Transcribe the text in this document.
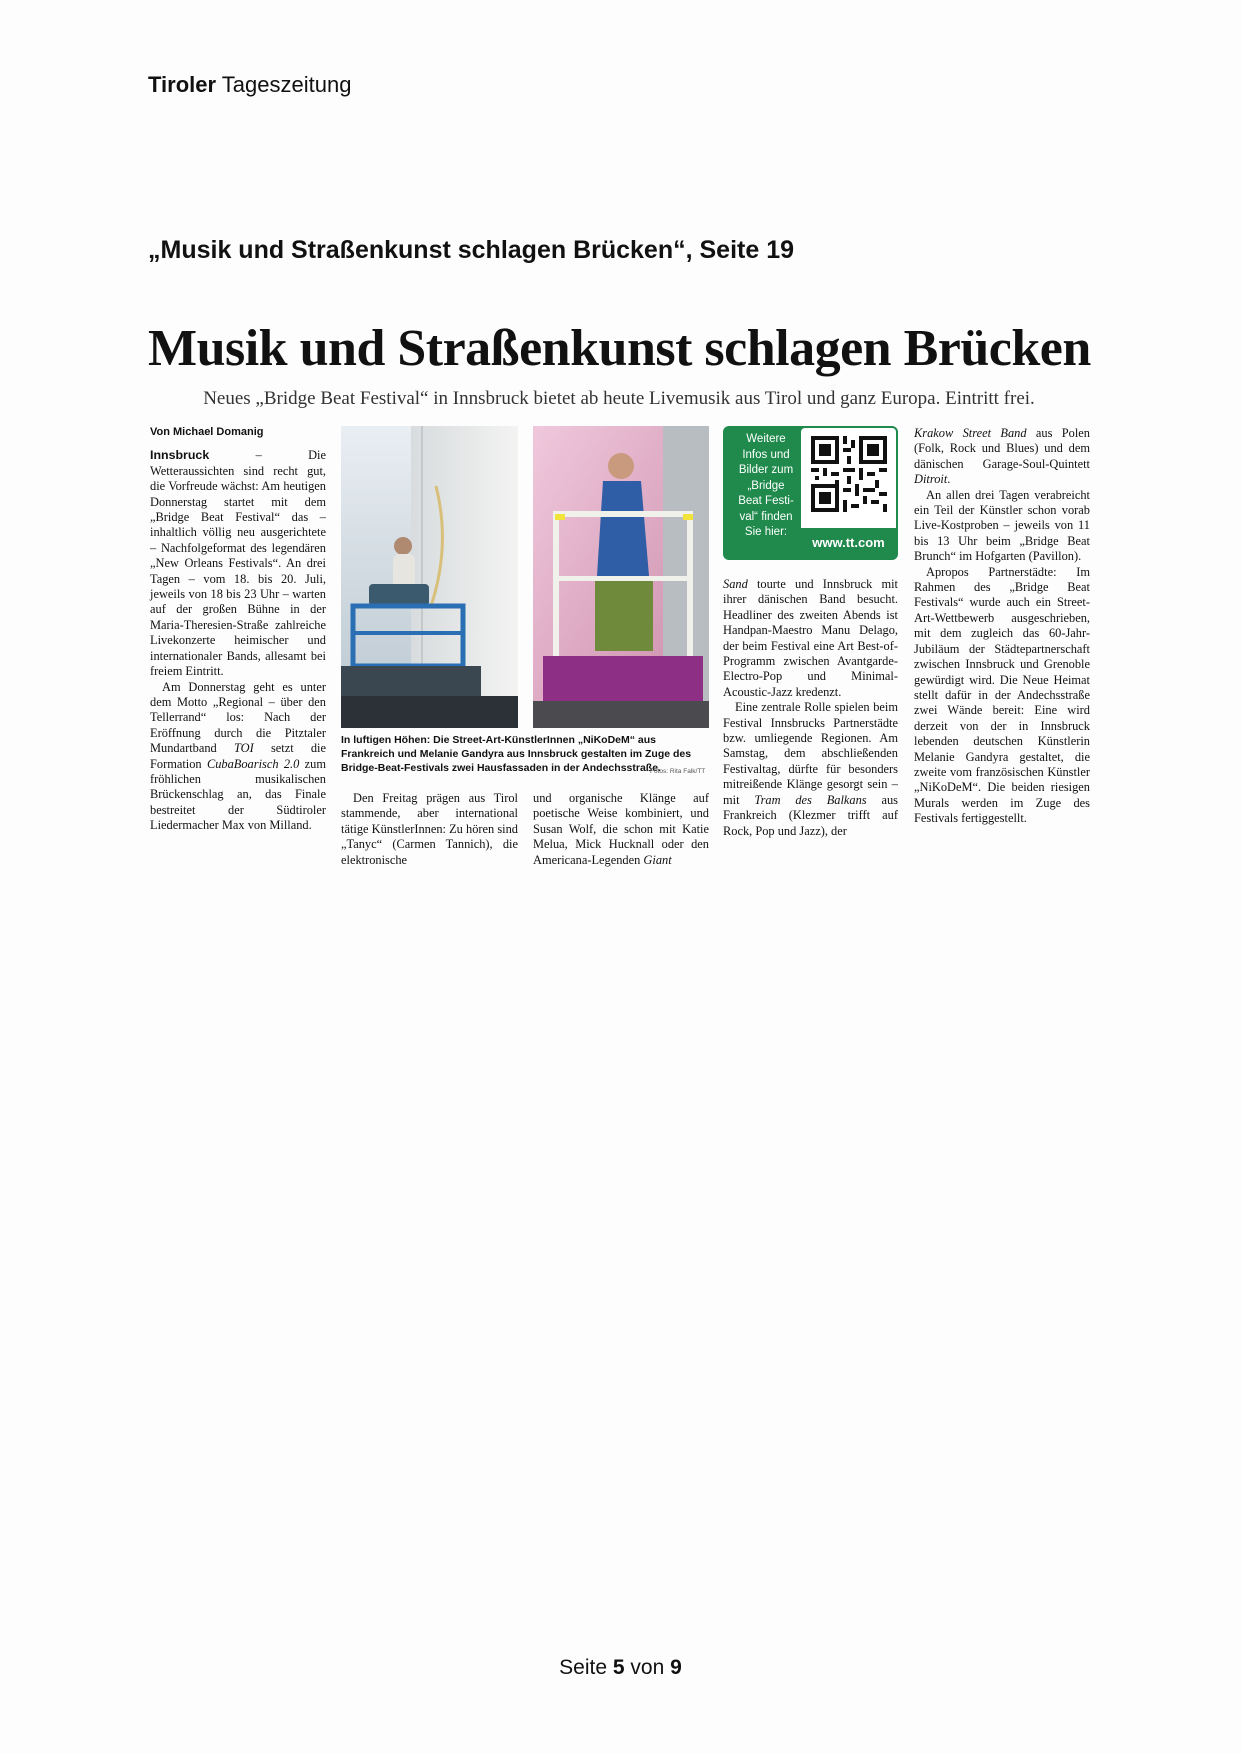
Tiroler Tageszeitung
„Musik und Straßenkunst schlagen Brücken“, Seite 19
Musik und Straßenkunst schlagen Brücken
Neues „Bridge Beat Festival“ in Innsbruck bietet ab heute Livemusik aus Tirol und ganz Europa. Eintritt frei.

Von Michael Domanig

Innsbruck – Die Wetteraussichten sind recht gut, die Vorfreude wächst: Am heutigen Donnerstag startet mit dem „Bridge Beat Festival“ das – inhaltlich völlig neu ausgerichtete – Nachfolgeformat des legendären „New Orleans Festivals“. An drei Tagen – vom 18. bis 20. Juli, jeweils von 18 bis 23 Uhr – warten auf der großen Bühne in der Maria-Theresien-Straße zahlreiche Livekonzerte heimischer und internationaler Bands, allesamt bei freiem Eintritt.

Am Donnerstag geht es unter dem Motto „Regional – über den Tellerrand“ los: Nach der Eröffnung durch die Pitztaler Mundartband TOI setzt die Formation CubaBoarisch 2.0 zum fröhlichen musikalischen Brückenschlag an, das Finale bestreitet der Südtiroler Liedermacher Max von Milland.

In luftigen Höhen: Die Street-Art-KünstlerInnen „NiKoDeM“ aus Frankreich und Melanie Gandyra aus Innsbruck gestalten im Zuge des Bridge-Beat-Festivals zwei Hausfassaden in der Andechsstraße.
Fotos: Rita Falk/TT

Den Freitag prägen aus Tirol stammende, aber international tätige KünstlerInnen: Zu hören sind „Tanyc“ (Carmen Tannich), die elektronische

und organische Klänge auf poetische Weise kombiniert, und Susan Wolf, die schon mit Katie Melua, Mick Hucknall oder den Americana-Legenden Giant

Weitere
Infos und
Bilder zum
„Bridge
Beat Festi-
val“ finden
Sie hier:
www.tt.com

Sand tourte und Innsbruck mit ihrer dänischen Band besucht. Headliner des zweiten Abends ist Handpan-Maestro Manu Delago, der beim Festival eine Art Best-of-Programm zwischen Avantgarde-Electro-Pop und Minimal-Acoustic-Jazz kredenzt.

Eine zentrale Rolle spielen beim Festival Innsbrucks Partnerstädte bzw. umliegende Regionen. Am Samstag, dem abschließenden Festivaltag, dürfte für besonders mitreißende Klänge gesorgt sein – mit Tram des Balkans aus Frankreich (Klezmer trifft auf Rock, Pop und Jazz), der

Krakow Street Band aus Polen (Folk, Rock und Blues) und dem dänischen Garage-Soul-Quintett Ditroit.

An allen drei Tagen verabreicht ein Teil der Künstler schon vorab Live-Kostproben – jeweils von 11 bis 13 Uhr beim „Bridge Beat Brunch“ im Hofgarten (Pavillon).

Apropos Partnerstädte: Im Rahmen des „Bridge Beat Festivals“ wurde auch ein Street-Art-Wettbewerb ausgeschrieben, mit dem zugleich das 60-Jahr-Jubiläum der Städtepartnerschaft zwischen Innsbruck und Grenoble gewürdigt wird. Die Neue Heimat stellt dafür in der Andechsstraße zwei Wände bereit: Eine wird derzeit von der in Innsbruck lebenden deutschen Künstlerin Melanie Gandyra gestaltet, die zweite vom französischen Künstler „NiKoDeM“. Die beiden riesigen Murals werden im Zuge des Festivals fertiggestellt.

Seite 5 von 9
